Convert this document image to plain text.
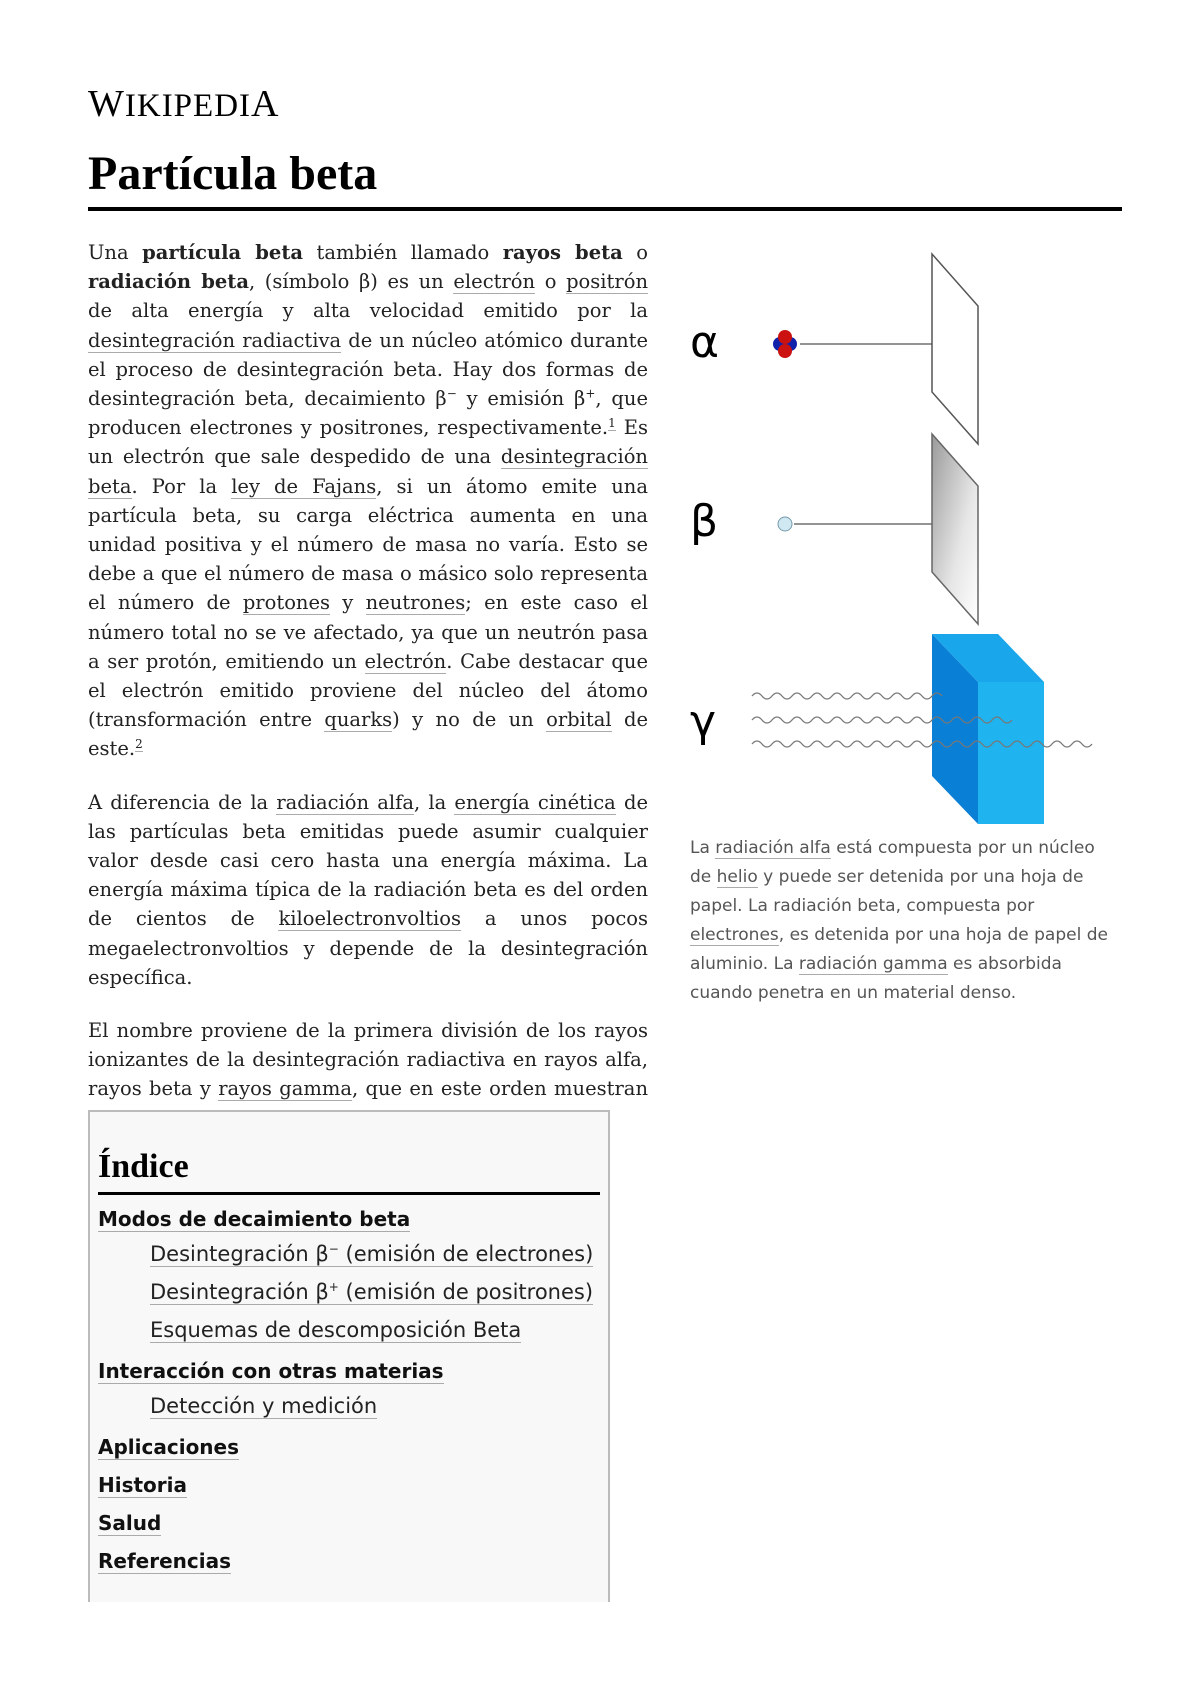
WIKIPEDIA
Partícula beta

Una partícula beta también llamado rayos beta o radiación beta, (símbolo β) es un electrón o positrón de alta energía y alta velocidad emitido por la desintegración radiactiva de un núcleo atómico durante el proceso de desintegración beta. Hay dos formas de desintegración beta, decaimiento β− y emisión β+, que producen electrones y positrones, respectivamente.$^1$ Es un electrón que sale despedido de una desintegración beta. Por la ley de Fajans, si un átomo emite una partícula beta, su carga eléctrica aumenta en una unidad positiva y el número de masa no varía. Esto se debe a que el número de masa o másico solo representa el número de protones y neutrones; en este caso el número total no se ve afectado, ya que un neutrón pasa a ser protón, emitiendo un electrón. Cabe destacar que el electrón emitido proviene del núcleo del átomo (transformación entre quarks) y no de un orbital de este.$^2$

A diferencia de la radiación alfa, la energía cinética de las partículas beta emitidas puede asumir cualquier valor desde casi cero hasta una energía máxima. La energía máxima típica de la radiación beta es del orden de cientos de kiloelectronvoltios a unos pocos megaelectronvoltios y depende de la desintegración específica.

El nombre proviene de la primera división de los rayos ionizantes de la desintegración radiactiva en rayos alfa, rayos beta y rayos gamma, que en este orden muestran

α
β
γ
La radiación alfa está compuesta por un núcleo de helio y puede ser detenida por una hoja de papel. La radiación beta, compuesta por electrones, es detenida por una hoja de papel de aluminio. La radiación gamma es absorbida cuando penetra en un material denso.
Índice
Modos de decaimiento beta
Desintegración β− (emisión de electrones)
Desintegración β+ (emisión de positrones)
Esquemas de descomposición Beta
Interacción con otras materias
Detección y medición
Aplicaciones
Historia
Salud
Referencias
